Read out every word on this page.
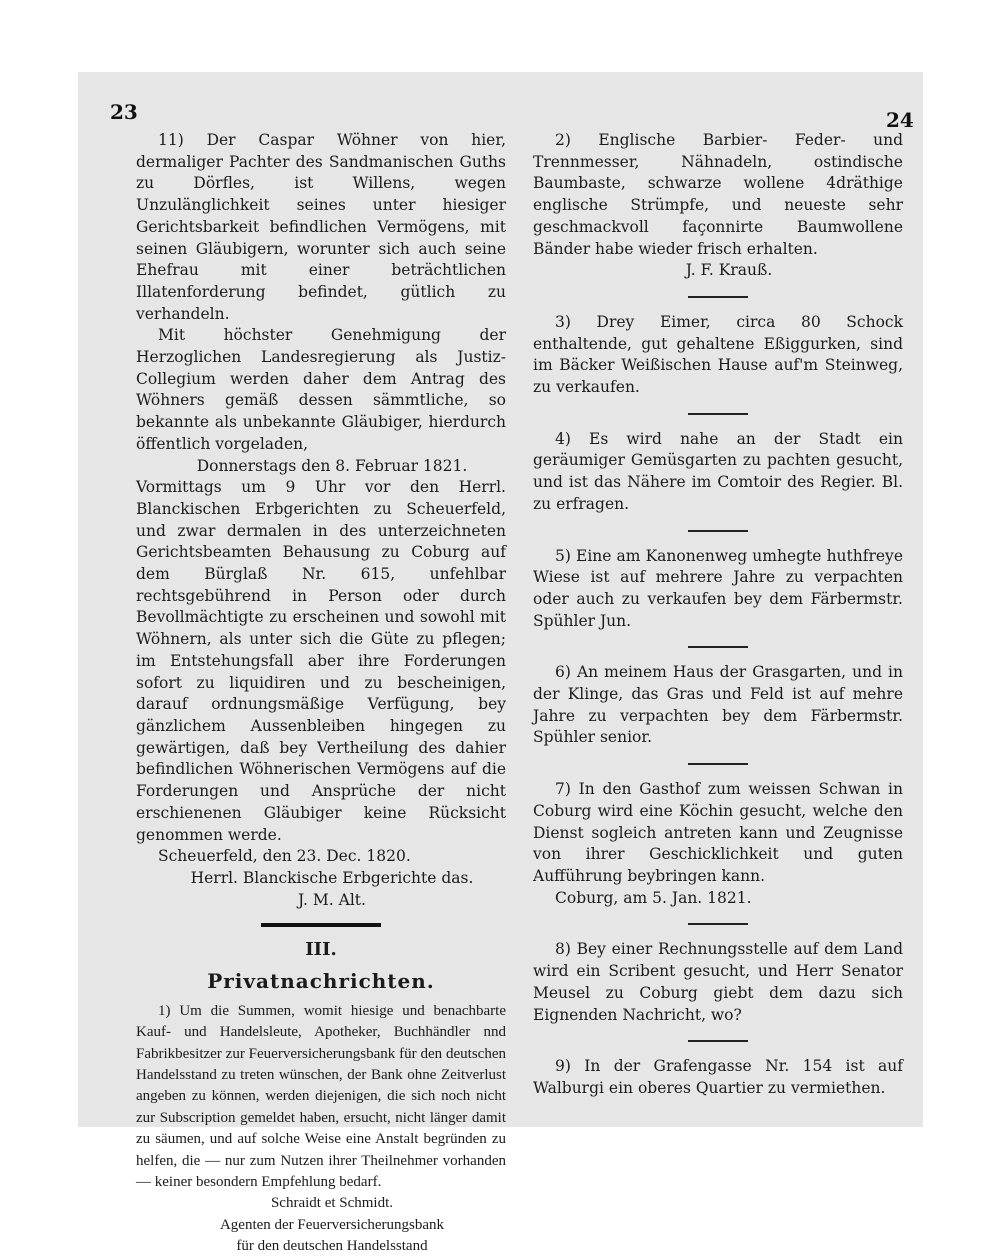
23	24

11) Der Caspar Wöhner von hier, dermaliger Pachter des Sandmanischen Guths zu Dörfles, ist Willens, wegen Unzulänglichkeit seines unter hiesiger Gerichtsbarkeit befindlichen Vermögens, mit seinen Gläubigern, worunter sich auch seine Ehefrau mit einer beträchtlichen Illatenforderung befindet, gütlich zu verhandeln.

Mit höchster Genehmigung der Herzoglichen Landesregierung als Justiz-Collegium werden daher dem Antrag des Wöhners gemäß dessen sämmtliche, so bekannte als unbekannte Gläubiger, hierdurch öffentlich vorgeladen,

Donnerstags den 8. Februar 1821.

Vormittags um 9 Uhr vor den Herrl. Blanckischen Erbgerichten zu Scheuerfeld, und zwar dermalen in des unterzeichneten Gerichtsbeamten Behausung zu Coburg auf dem Bürglaß Nr. 615, unfehlbar rechtsgebührend in Person oder durch Bevollmächtigte zu erscheinen und sowohl mit Wöhnern, als unter sich die Güte zu pflegen; im Entstehungsfall aber ihre Forderungen sofort zu liquidiren und zu bescheinigen, darauf ordnungsmäßige Verfügung, bey gänzlichem Aussenbleiben hingegen zu gewärtigen, daß bey Vertheilung des dahier befindlichen Wöhnerischen Vermögens auf die Forderungen und Ansprüche der nicht erschienenen Gläubiger keine Rücksicht genommen werde.

Scheuerfeld, den 23. Dec. 1820.

Herrl. Blanckische Erbgerichte das.

J. M. Alt.

III.
Privatnachrichten.

1) Um die Summen, womit hiesige und benachbarte Kauf- und Handelsleute, Apotheker, Buchhändler nnd Fabrikbesitzer zur Feuerversicherungsbank für den deutschen Handelsstand zu treten wünschen, der Bank ohne Zeitverlust angeben zu können, werden diejenigen, die sich noch nicht zur Subscription gemeldet haben, ersucht, nicht länger damit zu säumen, und auf solche Weise eine Anstalt begründen zu helfen, die — nur zum Nutzen ihrer Theilnehmer vorhanden — keiner besondern Empfehlung bedarf.

Schraidt et Schmidt.

Agenten der Feuerversicherungsbank

für den deutschen Handelsstand

2) Englische Barbier- Feder- und Trennmesser, Nähnadeln, ostindische Baumbaste, schwarze wollene 4dräthige englische Strümpfe, und neueste sehr geschmackvoll façonnirte Baumwollene Bänder habe wieder frisch erhalten.

J. F. Krauß.

3) Drey Eimer, circa 80 Schock enthaltende, gut gehaltene Eßiggurken, sind im Bäcker Weißischen Hause auf'm Steinweg, zu verkaufen.

4) Es wird nahe an der Stadt ein geräumiger Gemüsgarten zu pachten gesucht, und ist das Nähere im Comtoir des Regier. Bl. zu erfragen.

5) Eine am Kanonenweg umhegte huthfreye Wiese ist auf mehrere Jahre zu verpachten oder auch zu verkaufen bey dem Färbermstr. Spühler Jun.

6) An meinem Haus der Grasgarten, und in der Klinge, das Gras und Feld ist auf mehre Jahre zu verpachten bey dem Färbermstr. Spühler senior.

7) In den Gasthof zum weissen Schwan in Coburg wird eine Köchin gesucht, welche den Dienst sogleich antreten kann und Zeugnisse von ihrer Geschicklichkeit und guten Aufführung beybringen kann.

Coburg, am 5. Jan. 1821.

8) Bey einer Rechnungsstelle auf dem Land wird ein Scribent gesucht, und Herr Senator Meusel zu Coburg giebt dem dazu sich Eignenden Nachricht, wo?

9) In der Grafengasse Nr. 154 ist auf Walburgi ein oberes Quartier zu vermiethen.
